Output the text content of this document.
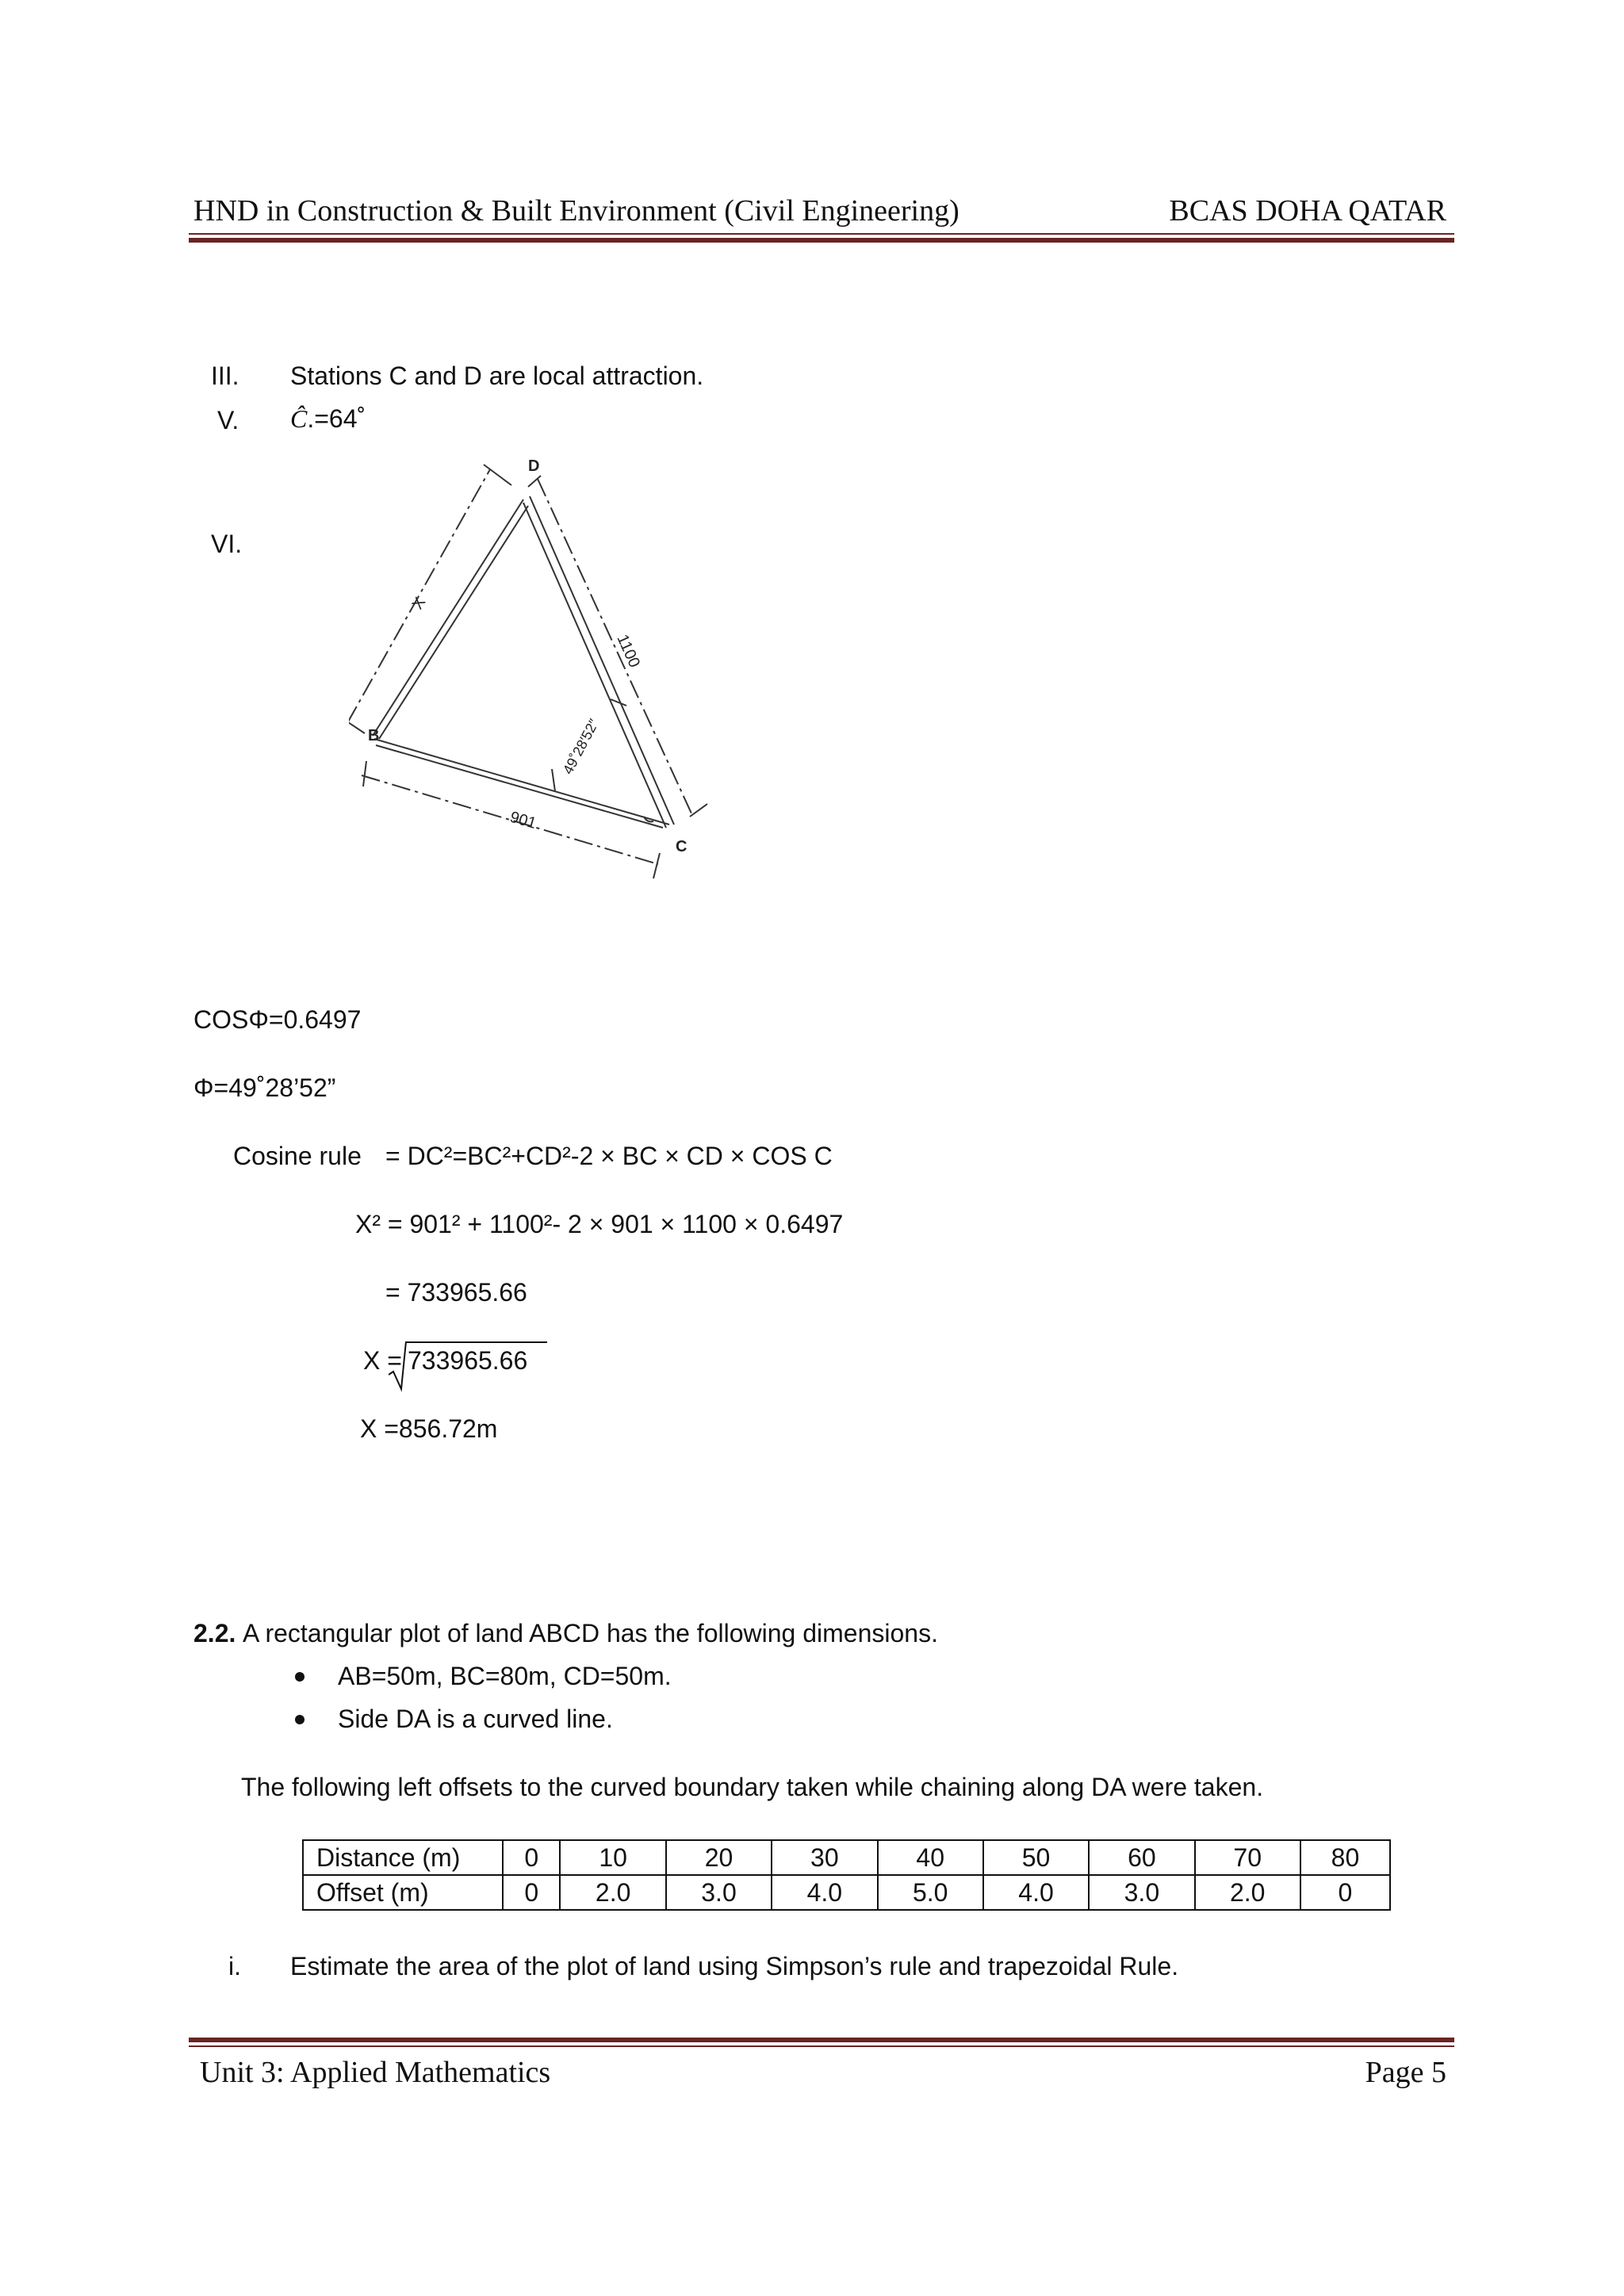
HND in Construction & Built Environment (Civil Engineering)	BCAS DOHA QATAR
III. Stations C and D are local attraction.
V. Ĉ.=64˚
VI.
D
B
C
X
1100
901
49˚28′52″
COSΦ=0.6497
Φ=49˚28’52”
Cosine rule = DC²=BC²+CD²-2 × BC × CD × COS C
X² = 901² + 1100²- 2 × 901 × 1100 × 0.6497
= 733965.66
X = 733965.66
X =856.72m
2.2. A rectangular plot of land ABCD has the following dimensions.
AB=50m, BC=80m, CD=50m.
Side DA is a curved line.
The following left offsets to the curved boundary taken while chaining along DA were taken.
Distance (m)	0	10	20	30	40	50	60	70	80
Offset (m)	0	2.0	3.0	4.0	5.0	4.0	3.0	2.0	0
i. Estimate the area of the plot of land using Simpson’s rule and trapezoidal Rule.
Unit 3: Applied Mathematics	Page 5
